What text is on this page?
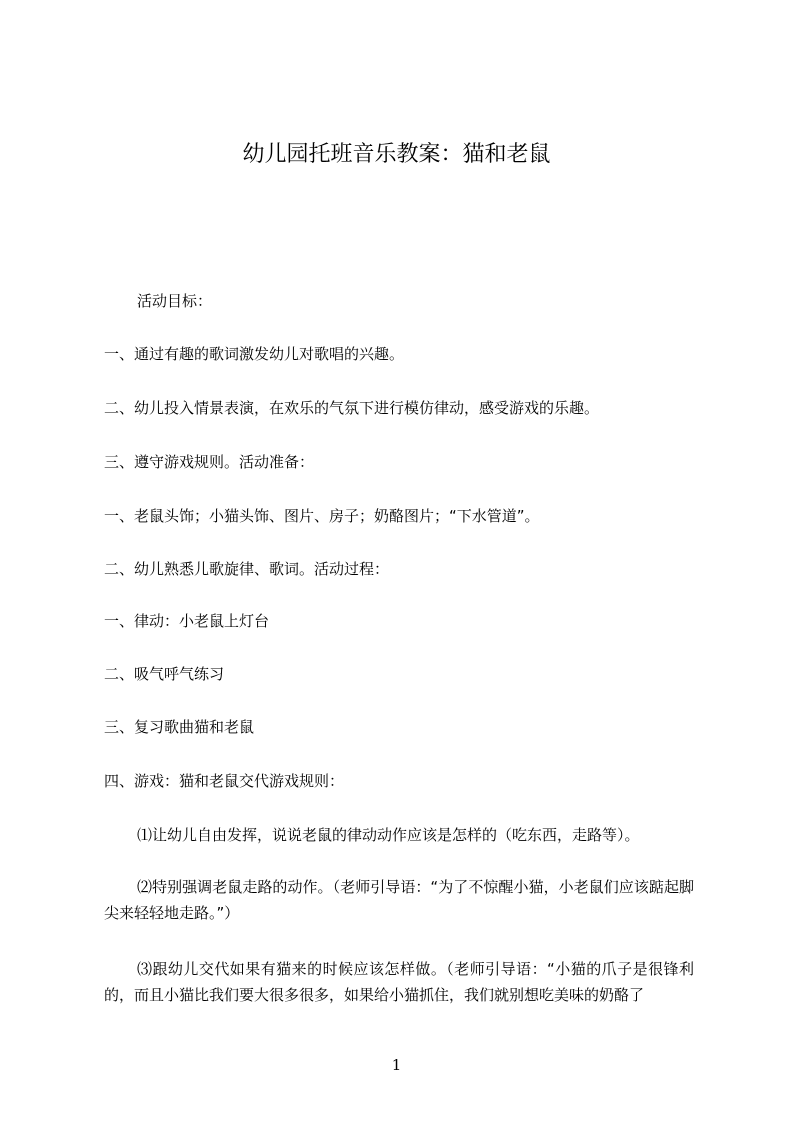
幼儿园托班音乐教案：猫和老鼠

活动目标：

一、通过有趣的歌词激发幼儿对歌唱的兴趣。

二、幼儿投入情景表演，在欢乐的气氛下进行模仿律动，感受游戏的乐趣。

三、遵守游戏规则。活动准备：

一、老鼠头饰；小猫头饰、图片、房子；奶酪图片；“下水管道”。

二、幼儿熟悉儿歌旋律、歌词。活动过程：

一、律动：小老鼠上灯台

二、吸气呼气练习

三、复习歌曲猫和老鼠

四、游戏：猫和老鼠交代游戏规则：

⑴让幼儿自由发挥，说说老鼠的律动动作应该是怎样的（吃东西，走路等）。

⑵特别强调老鼠走路的动作。（老师引导语：“为了不惊醒小猫，小老鼠们应该踮起脚尖来轻轻地走路。”）

⑶跟幼儿交代如果有猫来的时候应该怎样做。（老师引导语：“小猫的爪子是很锋利的，而且小猫比我们要大很多很多，如果给小猫抓住，我们就别想吃美味的奶酪了

1
